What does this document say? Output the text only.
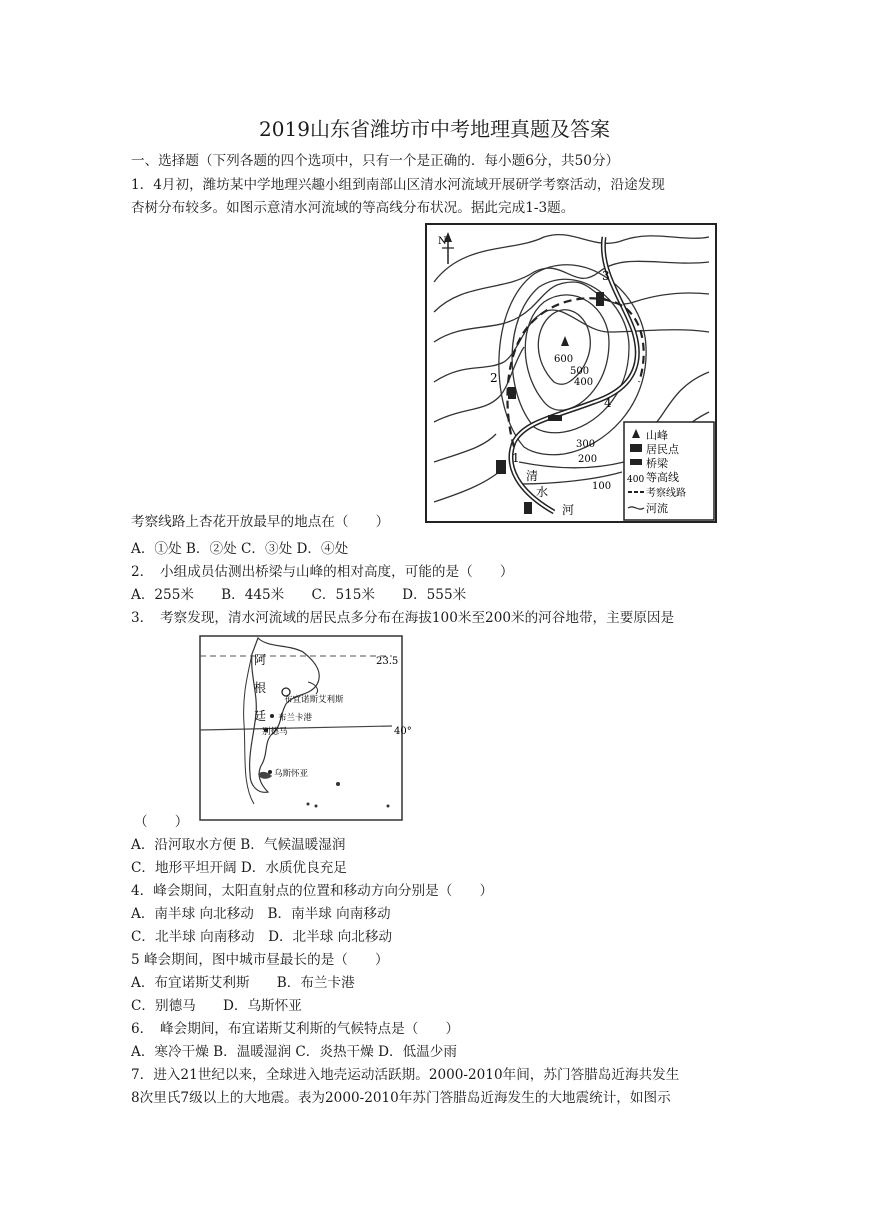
2019山东省潍坊市中考地理真题及答案
一、选择题（下列各题的四个选项中，只有一个是正确的．每小题6分，共50分）
1．4月初，潍坊某中学地理兴趣小组到南部山区清水河流域开展研学考察活动，沿途发现
杏树分布较多。如图示意清水河流域的等高线分布状况。据此完成1-3题。
N
2
3
4
1
600
500
400
300
200
100
清
水
河
山峰
居民点
桥梁
400 等高线
考察线路
河流
考察线路上杏花开放最早的地点在（　　）
A．①处 B．②处 C．③处 D．④处
2．　小组成员估测出桥梁与山峰的相对高度，可能的是（　　）
A．255米　　B．445米　　C．515米　　D．555米
3．　考察发现，清水河流域的居民点多分布在海拔100米至200米的河谷地带，主要原因是
23.5
40°
阿
根
廷
布宜诺斯艾利斯
布兰卡港
别德马
乌斯怀亚
（　　）
A．沿河取水方便 B．气候温暖湿润
C．地形平坦开阔 D．水质优良充足
4．峰会期间，太阳直射点的位置和移动方向分别是（　　）
A．南半球 向北移动　B．南半球 向南移动
C．北半球 向南移动　D．北半球 向北移动
5 峰会期间，图中城市昼最长的是（　　）
A．布宜诺斯艾利斯　　B．布兰卡港
C．别德马　　D．乌斯怀亚
6．　峰会期间，布宜诺斯艾利斯的气候特点是（　　）
A．寒冷干燥 B．温暖湿润 C．炎热干燥 D．低温少雨
7．进入21世纪以来，全球进入地壳运动活跃期。2000-2010年间，苏门答腊岛近海共发生
8次里氏7级以上的大地震。表为2000-2010年苏门答腊岛近海发生的大地震统计，如图示
